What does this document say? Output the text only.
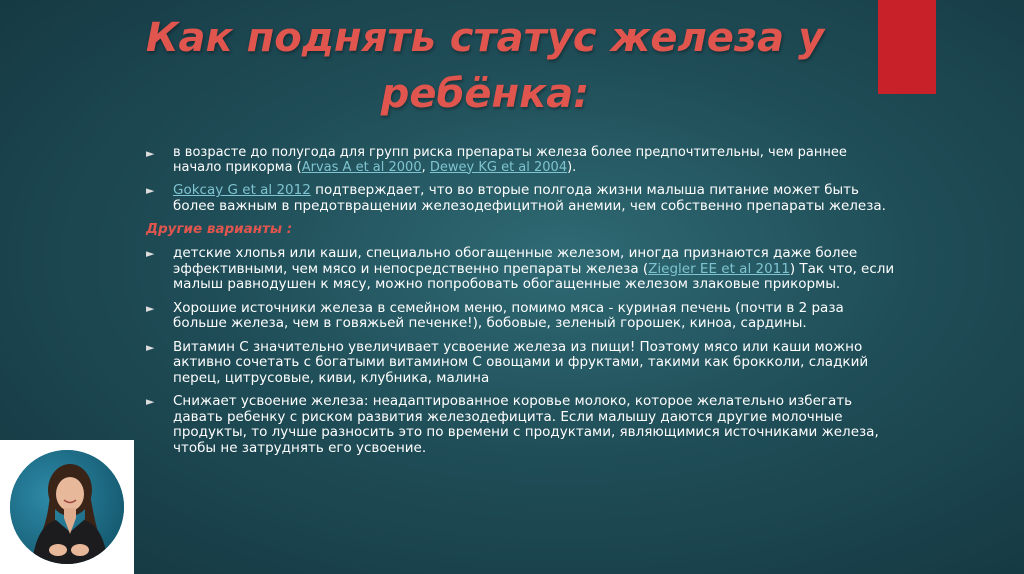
Как поднять статус железа у
ребёнка:
► в возрасте до полугода для групп риска препараты железа более предпочтительны, чем раннее начало прикорма (Arvas A et al 2000, Dewey KG et al 2004).
► Gokcay G et al 2012 подтверждает, что во вторые полгода жизни малыша питание может быть более важным в предотвращении железодефицитной анемии, чем собственно препараты железа.
Другие варианты :
► детские хлопья или каши, специально обогащенные железом, иногда признаются даже более эффективными, чем мясо и непосредственно препараты железа (Ziegler EE et al 2011) Так что, если малыш равнодушен к мясу, можно попробовать обогащенные железом злаковые прикормы.
► Хорошие источники железа в семейном меню, помимо мяса - куриная печень (почти в 2 раза больше железа, чем в говяжьей печенке!), бобовые, зеленый горошек, киноа, сардины.
► Витамин С значительно увеличивает усвоение железа из пищи! Поэтому мясо или каши можно активно сочетать с богатыми витамином С овощами и фруктами, такими как брокколи, сладкий перец, цитрусовые, киви, клубника, малина
► Снижает усвоение железа: неадаптированное коровье молоко, которое желательно избегать давать ребенку с риском развития железодефицита. Если малышу даются другие молочные продукты, то лучше разносить это по времени с продуктами, являющимися источниками железа, чтобы не затруднять его усвоение.
